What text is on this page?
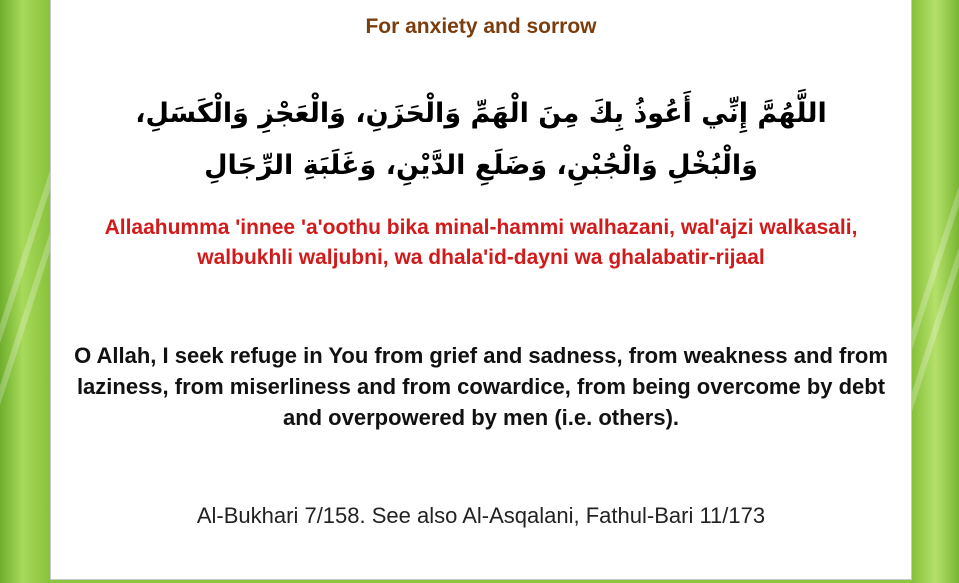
For anxiety and sorrow
اللَّهُمَّ إِنِّي أَعُوذُ بِكَ مِنَ الْهَمِّ وَالْحَزَنِ، وَالْعَجْزِ وَالْكَسَلِ، وَالْبُخْلِ وَالْجُبْنِ، وَضَلَعِ الدَّيْنِ، وَغَلَبَةِ الرِّجَالِ
Allaahumma 'innee 'a'oothu bika minal-hammi walhazani, wal'ajzi walkasali, walbukhli waljubni, wa dhala'id-dayni wa ghalabatir-rijaal
O Allah, I seek refuge in You from grief and sadness, from weakness and from laziness, from miserliness and from cowardice, from being overcome by debt and overpowered by men (i.e. others).
Al-Bukhari 7/158. See also Al-Asqalani, Fathul-Bari 11/173
